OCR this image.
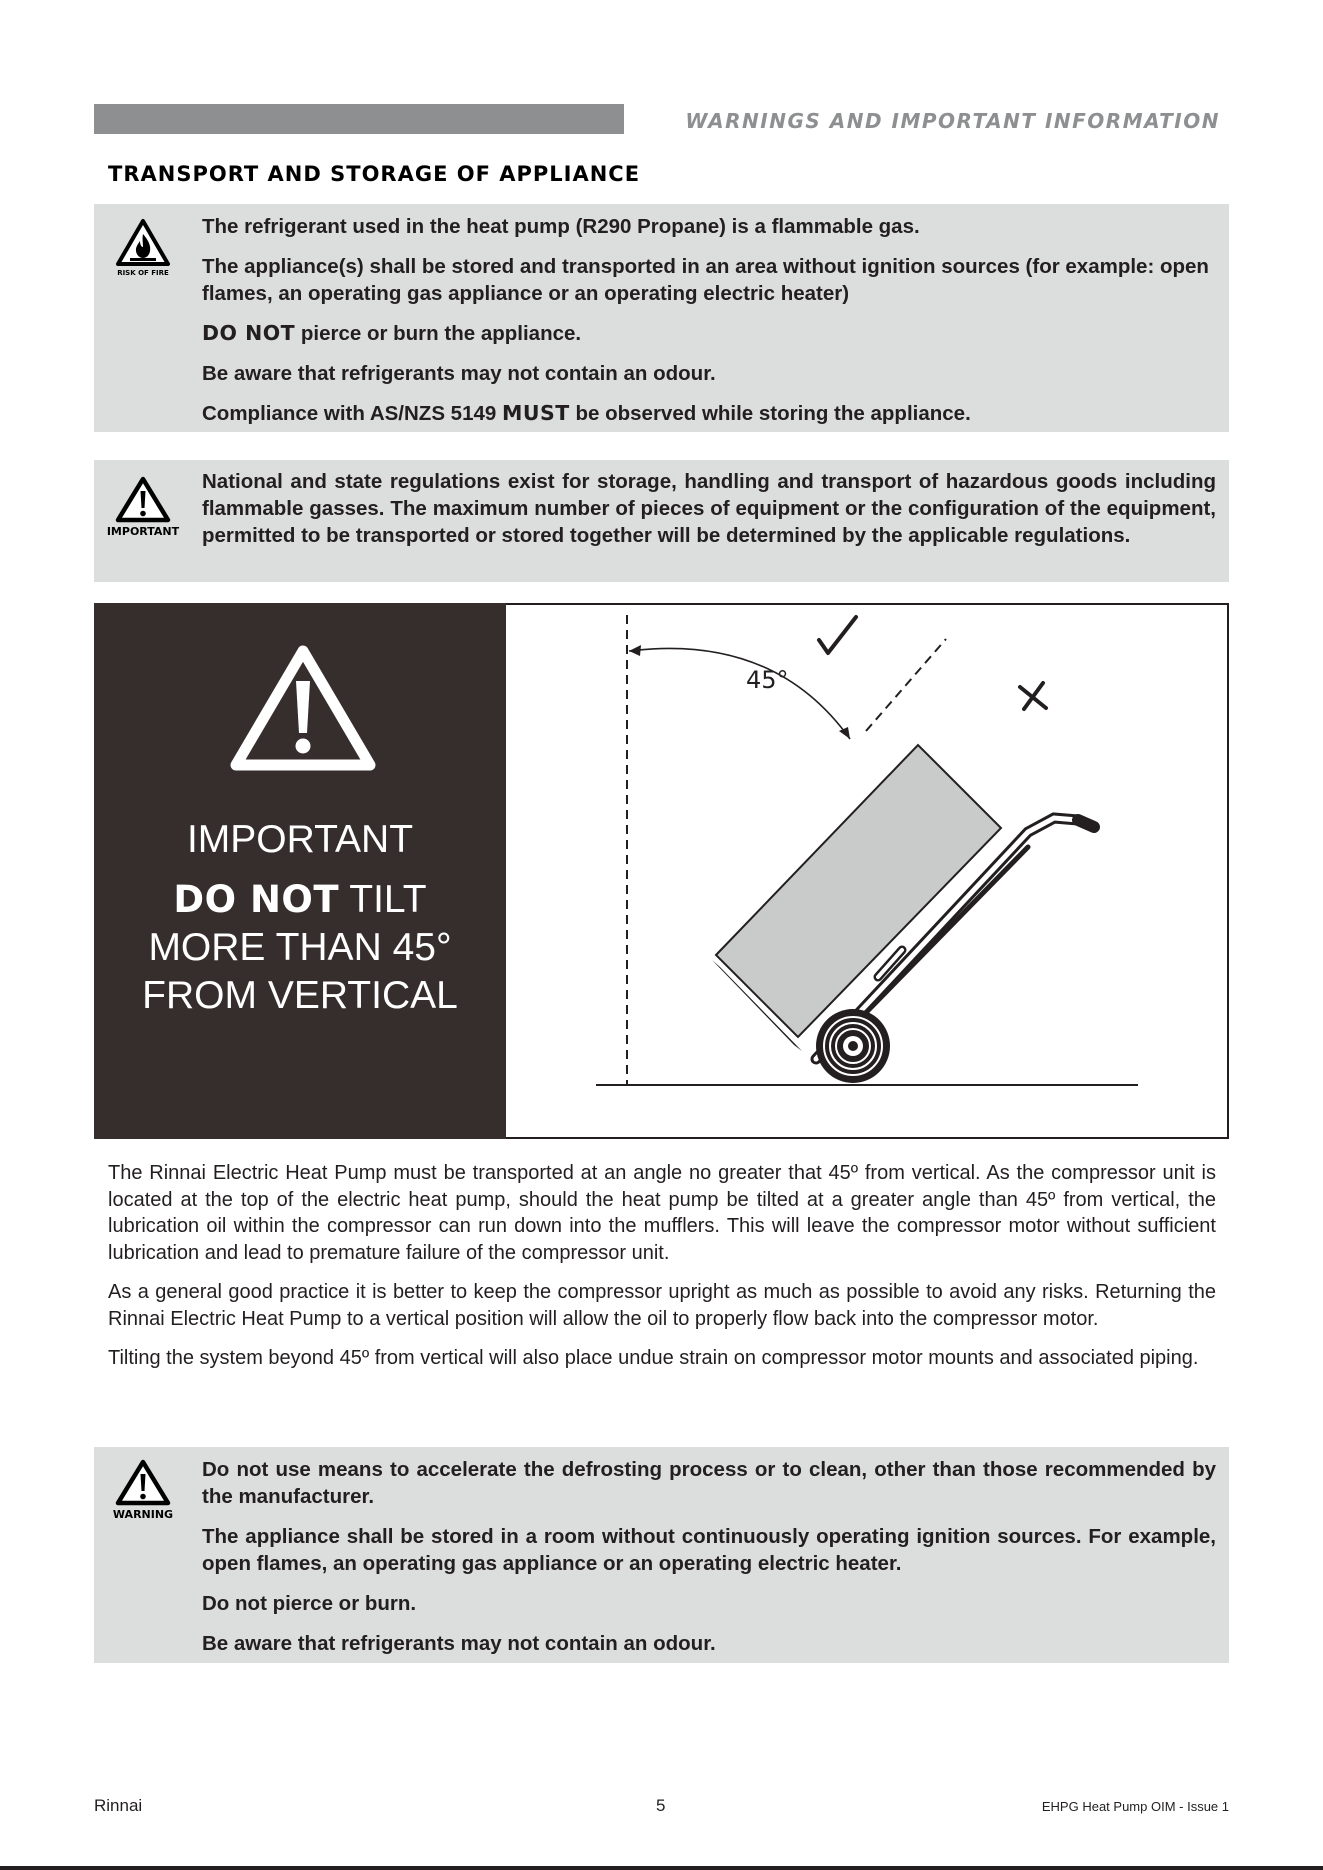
WARNINGS AND IMPORTANT INFORMATION
TRANSPORT AND STORAGE OF APPLIANCE
RISK OF FIRE

The refrigerant used in the heat pump (R290 Propane) is a flammable gas.

The appliance(s) shall be stored and transported in an area without ignition sources (for example: open flames, an operating gas appliance or an operating electric heater)

DO NOT pierce or burn the appliance.

Be aware that refrigerants may not contain an odour.

Compliance with AS/NZS 5149 MUST be observed while storing the appliance.

IMPORTANT

National and state regulations exist for storage, handling and transport of hazardous goods including flammable gasses. The maximum number of pieces of equipment or the configuration of the equipment, permitted to be transported or stored together will be determined by the applicable regulations.

IMPORTANT
DO NOT TILT
MORE THAN 45°
FROM VERTICAL
45°

The Rinnai Electric Heat Pump must be transported at an angle no greater that 45º from vertical. As the compressor unit is located at the top of the electric heat pump, should the heat pump be tilted at a greater angle than 45º from vertical, the lubrication oil within the compressor can run down into the mufflers. This will leave the compressor motor without sufficient lubrication and lead to premature failure of the compressor unit.

As a general good practice it is better to keep the compressor upright as much as possible to avoid any risks. Returning the Rinnai Electric Heat Pump to a vertical position will allow the oil to properly flow back into the compressor motor.

Tilting the system beyond 45º from vertical will also place undue strain on compressor motor mounts and associated piping.

WARNING

Do not use means to accelerate the defrosting process or to clean, other than those recommended by the manufacturer.

The appliance shall be stored in a room without continuously operating ignition sources. For example, open flames, an operating gas appliance or an operating electric heater.

Do not pierce or burn.

Be aware that refrigerants may not contain an odour.

Rinnai	5	EHPG Heat Pump OIM - Issue 1
